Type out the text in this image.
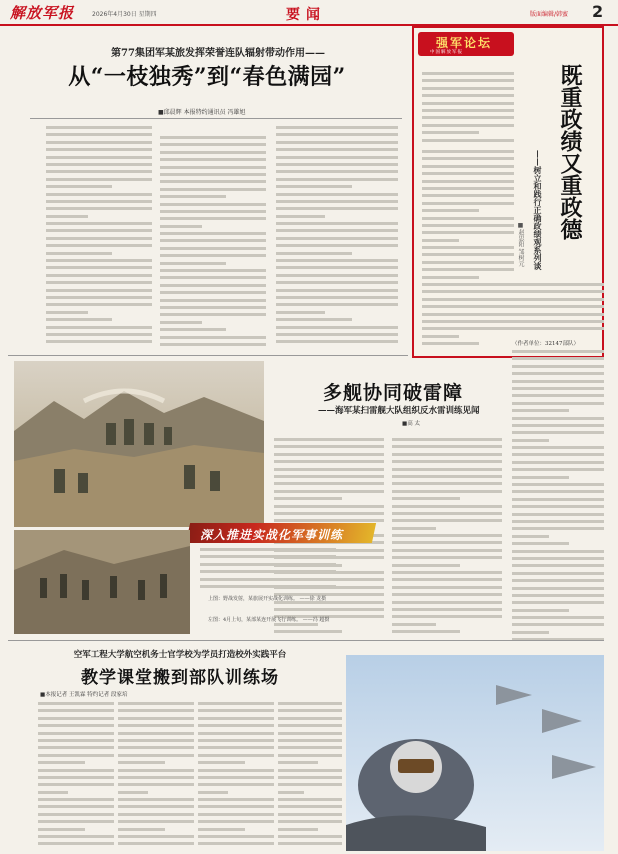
解放军报	2026年4月30日 星期四	要闻	版面编辑/韩蜜 2
第77集团军某旅发挥荣誉连队辐射带动作用——
从“一枝独秀”到“春色满园”
■邱晨辉 本报特约通讯员 冯雄旭
强军论坛
中国解放军报
既重政绩又重政德
——树立和践行正确政绩观系列谈
■赵思阳 邹树元
（作者单位：32147部队）
多舰协同破雷障
——海军某扫雷舰大队组织反水雷训练见闻
■高 太
深入推进实战化军事训练
上图：野战发射，某旅展开实战化训练。 ——徐 龙摄
左图：4月上旬，某部某连开展飞行训练。 ——冯 超摄
空军工程大学航空机务士官学校为学员打造校外实践平台
教学课堂搬到部队训练场
■本报记者 王凯霖 特约记者 段家培
